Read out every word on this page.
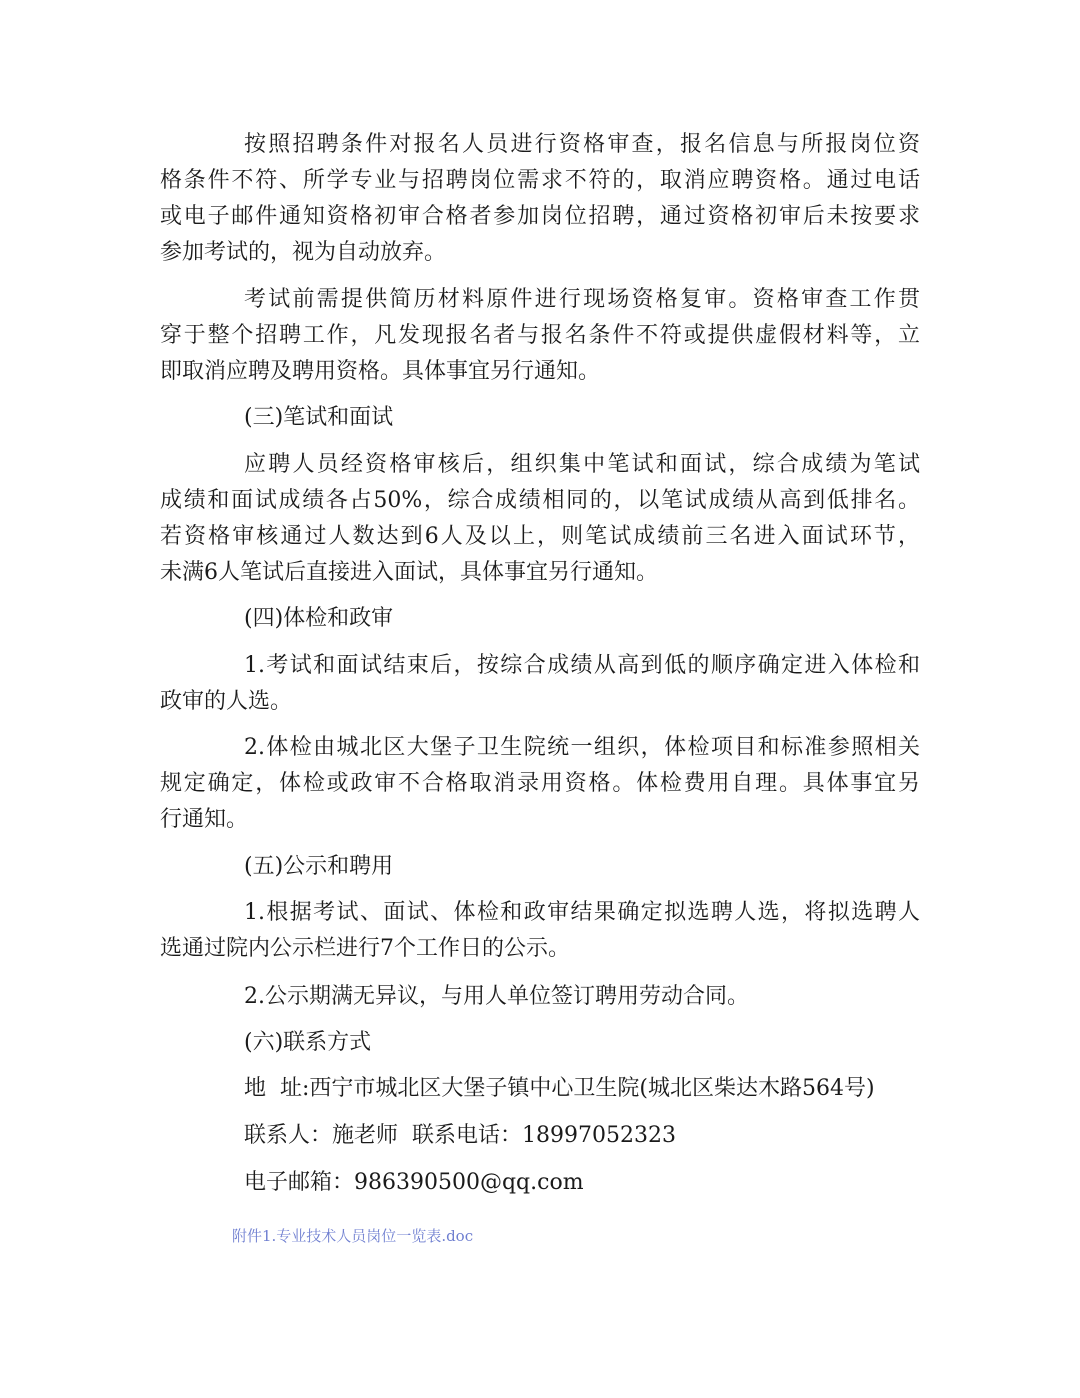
按照招聘条件对报名人员进行资格审查，报名信息与所报岗位资
格条件不符、所学专业与招聘岗位需求不符的，取消应聘资格。通过电话
或电子邮件通知资格初审合格者参加岗位招聘，通过资格初审后未按要求
参加考试的，视为自动放弃。
考试前需提供简历材料原件进行现场资格复审。资格审查工作贯
穿于整个招聘工作，凡发现报名者与报名条件不符或提供虚假材料等，立
即取消应聘及聘用资格。具体事宜另行通知。
(三)笔试和面试
应聘人员经资格审核后，组织集中笔试和面试，综合成绩为笔试
成绩和面试成绩各占50%，综合成绩相同的，以笔试成绩从高到低排名。
若资格审核通过人数达到6人及以上，则笔试成绩前三名进入面试环节，
未满6人笔试后直接进入面试，具体事宜另行通知。
(四)体检和政审
1.考试和面试结束后，按综合成绩从高到低的顺序确定进入体检和
政审的人选。
2.体检由城北区大堡子卫生院统一组织，体检项目和标准参照相关
规定确定，体检或政审不合格取消录用资格。体检费用自理。具体事宜另
行通知。
(五)公示和聘用
1.根据考试、面试、体检和政审结果确定拟选聘人选，将拟选聘人
选通过院内公示栏进行7个工作日的公示。
2.公示期满无异议，与用人单位签订聘用劳动合同。
(六)联系方式
地  址:西宁市城北区大堡子镇中心卫生院(城北区柴达木路564号)
联系人：施老师  联系电话：18997052323
电子邮箱：986390500@qq.com
附件1.专业技术人员岗位一览表.doc
